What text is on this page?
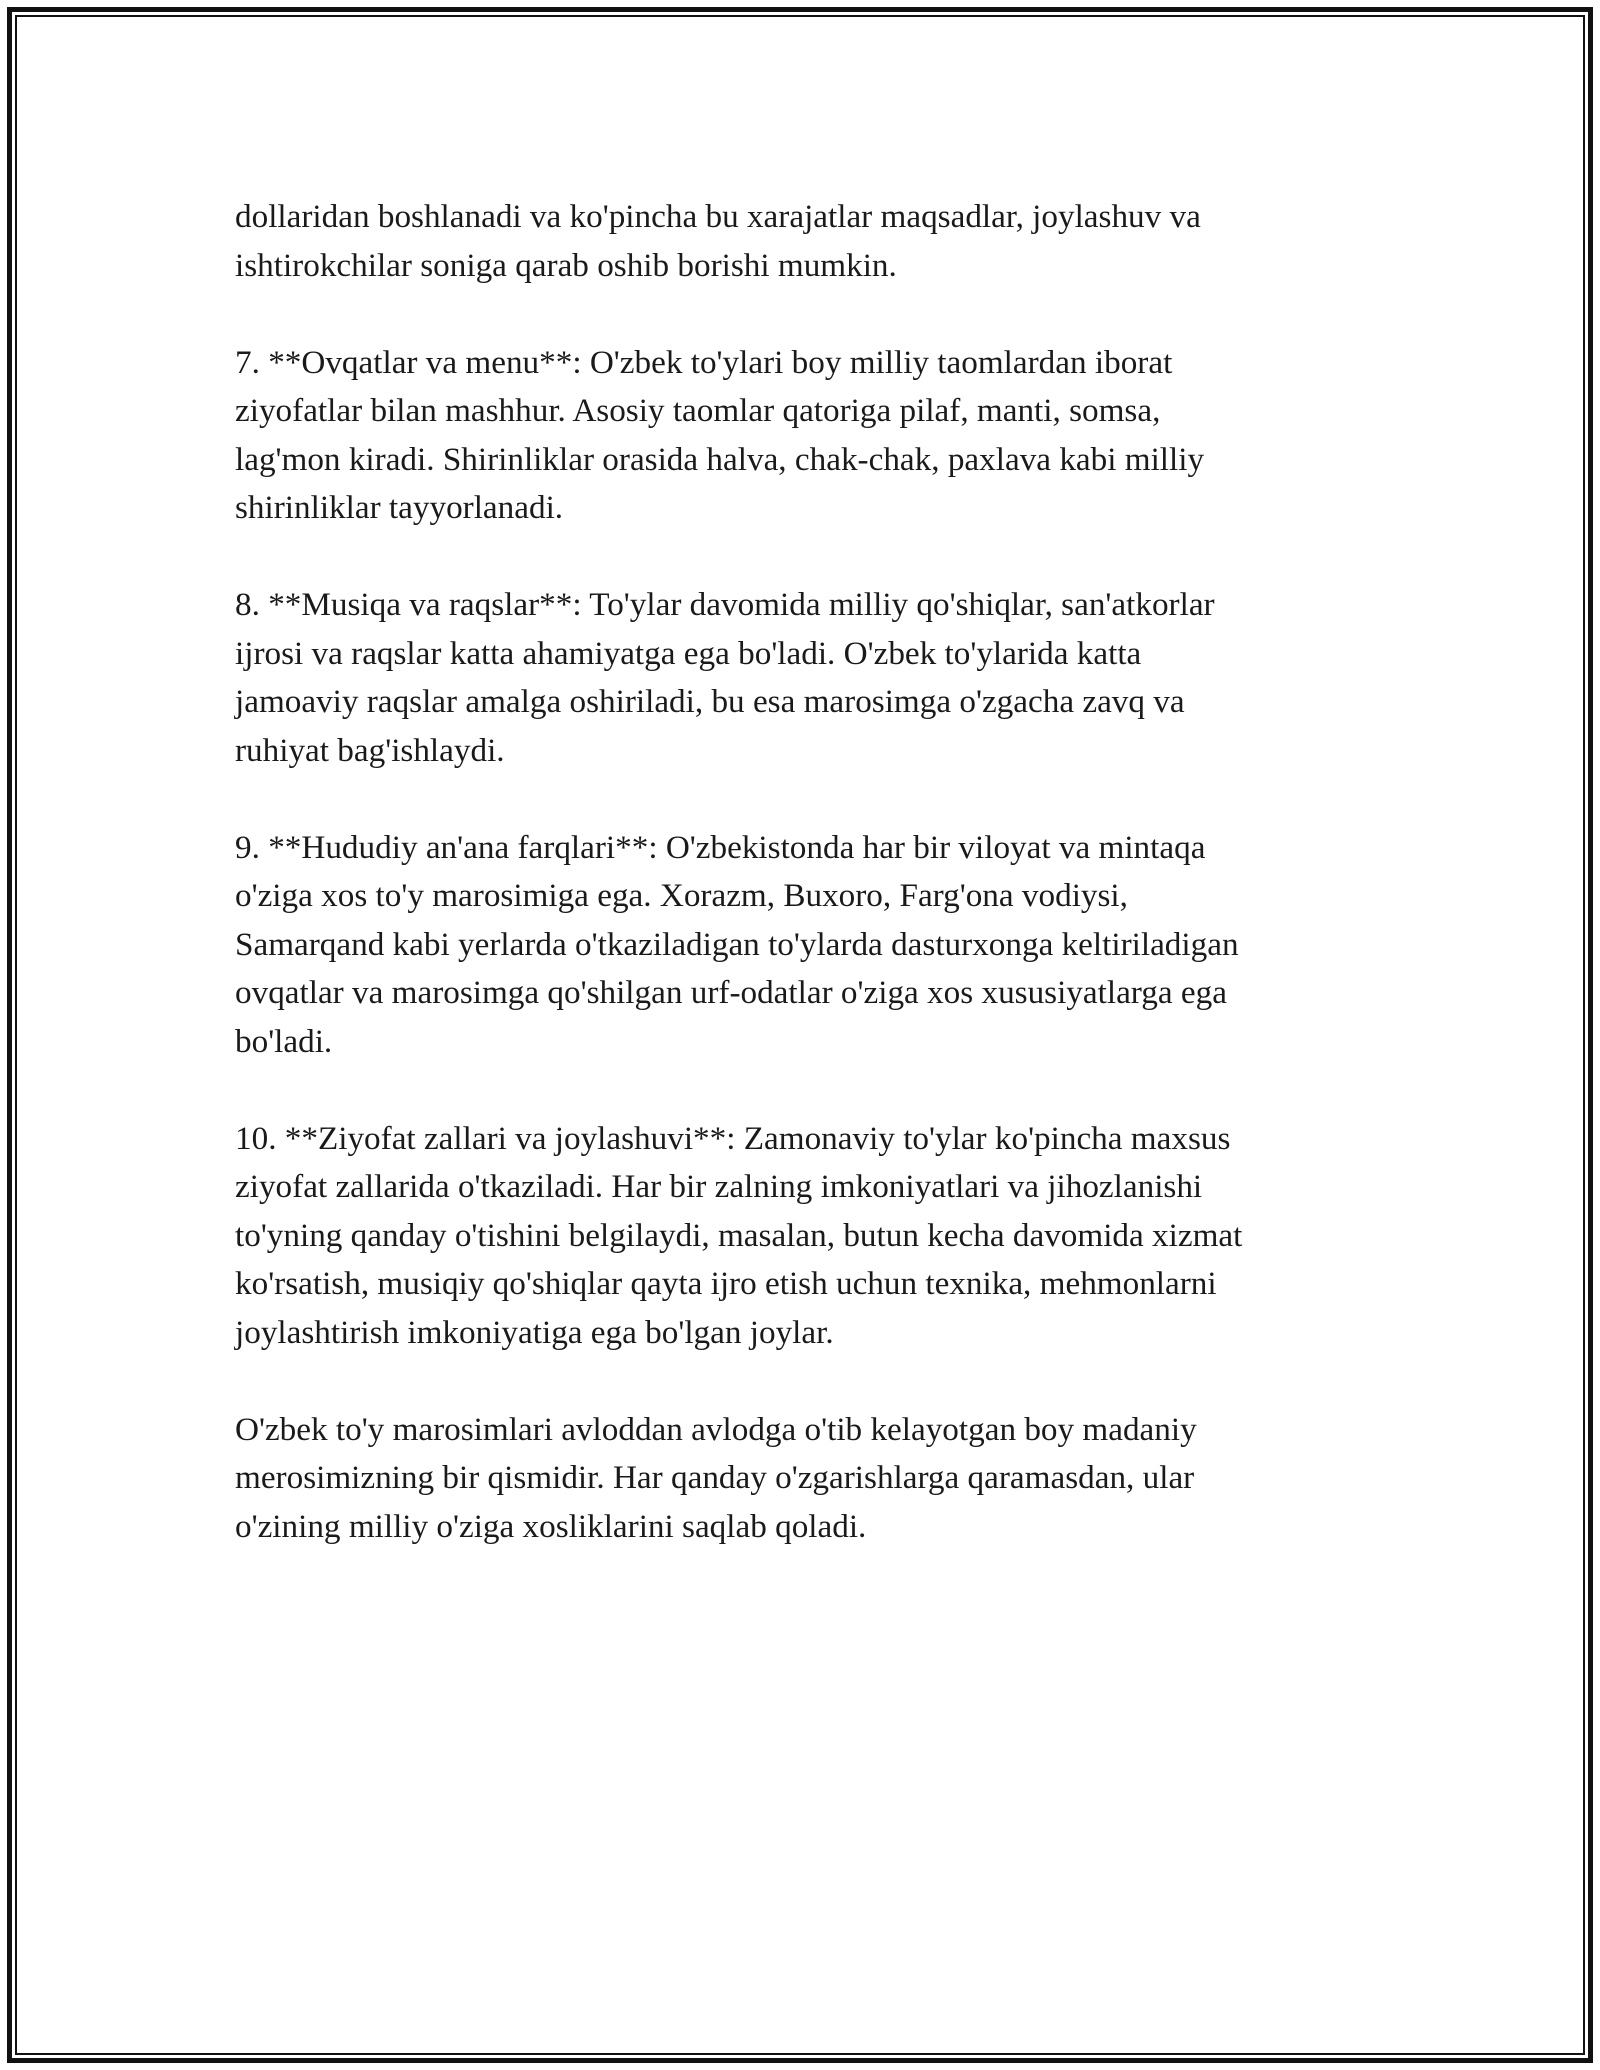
dollaridan boshlanadi va ko'pincha bu xarajatlar maqsadlar, joylashuv va
ishtirokchilar soniga qarab oshib borishi mumkin.

7. **Ovqatlar va menu**: O'zbek to'ylari boy milliy taomlardan iborat
ziyofatlar bilan mashhur. Asosiy taomlar qatoriga pilaf, manti, somsa,
lag'mon kiradi. Shirinliklar orasida halva, chak-chak, paxlava kabi milliy
shirinliklar tayyorlanadi.

8. **Musiqa va raqslar**: To'ylar davomida milliy qo'shiqlar, san'atkorlar
ijrosi va raqslar katta ahamiyatga ega bo'ladi. O'zbek to'ylarida katta
jamoaviy raqslar amalga oshiriladi, bu esa marosimga o'zgacha zavq va
ruhiyat bag'ishlaydi.

9. **Hududiy an'ana farqlari**: O'zbekistonda har bir viloyat va mintaqa
o'ziga xos to'y marosimiga ega. Xorazm, Buxoro, Farg'ona vodiysi,
Samarqand kabi yerlarda o'tkaziladigan to'ylarda dasturxonga keltiriladigan
ovqatlar va marosimga qo'shilgan urf-odatlar o'ziga xos xususiyatlarga ega
bo'ladi.

10. **Ziyofat zallari va joylashuvi**: Zamonaviy to'ylar ko'pincha maxsus
ziyofat zallarida o'tkaziladi. Har bir zalning imkoniyatlari va jihozlanishi
to'yning qanday o'tishini belgilaydi, masalan, butun kecha davomida xizmat
ko'rsatish, musiqiy qo'shiqlar qayta ijro etish uchun texnika, mehmonlarni
joylashtirish imkoniyatiga ega bo'lgan joylar.

O'zbek to'y marosimlari avloddan avlodga o'tib kelayotgan boy madaniy
merosimizning bir qismidir. Har qanday o'zgarishlarga qaramasdan, ular
o'zining milliy o'ziga xosliklarini saqlab qoladi.
